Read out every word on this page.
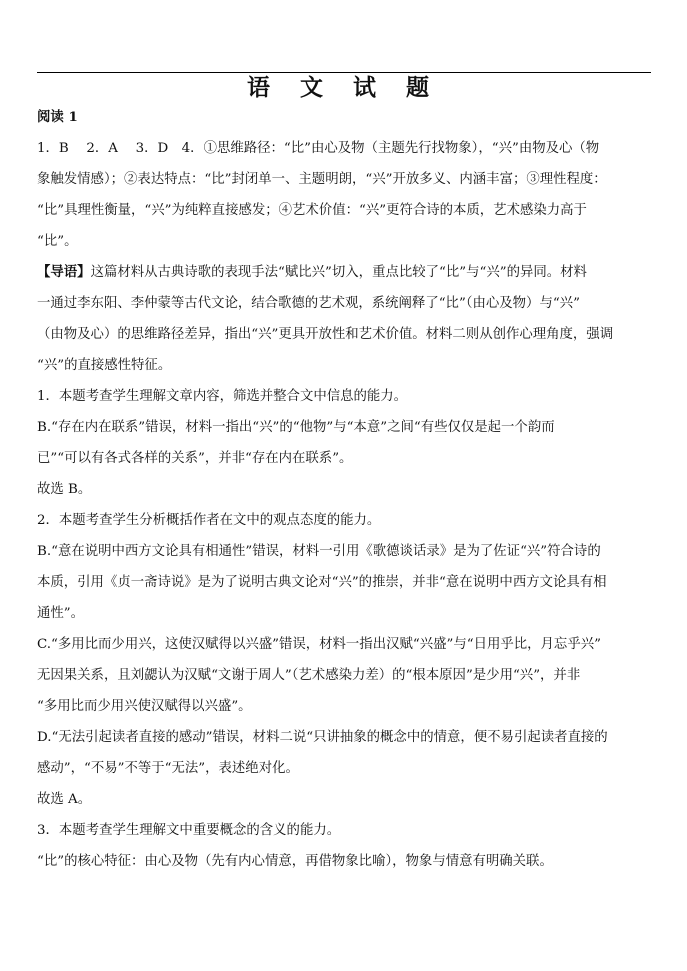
语 文 试 题
阅读 1
1．B　 2．A　 3．D　4．①思维路径：“比”由心及物（主题先行找物象），“兴”由物及心（物
象触发情感）；②表达特点：“比”封闭单一、主题明朗，“兴”开放多义、内涵丰富；③理性程度：
“比”具理性衡量，“兴”为纯粹直接感发；④艺术价值：“兴”更符合诗的本质，艺术感染力高于
“比”。
【导语】这篇材料从古典诗歌的表现手法“赋比兴”切入，重点比较了“比”与“兴”的异同。材料
一通过李东阳、李仲蒙等古代文论，结合歌德的艺术观，系统阐释了“比”（由心及物）与“兴”
（由物及心）的思维路径差异，指出“兴”更具开放性和艺术价值。材料二则从创作心理角度，强调
“兴”的直接感性特征。
1．本题考查学生理解文章内容，筛选并整合文中信息的能力。
B.“存在内在联系”错误，材料一指出“兴”的“他物”与“本意”之间“有些仅仅是起一个韵而
已”“可以有各式各样的关系”，并非“存在内在联系”。
故选 B。
2．本题考查学生分析概括作者在文中的观点态度的能力。
B.“意在说明中西方文论具有相通性”错误，材料一引用《歌德谈话录》是为了佐证“兴”符合诗的
本质，引用《贞一斋诗说》是为了说明古典文论对“兴”的推崇，并非“意在说明中西方文论具有相
通性”。
C.“多用比而少用兴，这使汉赋得以兴盛”错误，材料一指出汉赋“兴盛”与“日用乎比，月忘乎兴”
无因果关系，且刘勰认为汉赋“文谢于周人”（艺术感染力差）的“根本原因”是少用“兴”，并非
“多用比而少用兴使汉赋得以兴盛”。
D.“无法引起读者直接的感动”错误，材料二说“只讲抽象的概念中的情意，便不易引起读者直接的
感动”，“不易”不等于“无法”，表述绝对化。
故选 A。
3．本题考查学生理解文中重要概念的含义的能力。
“比”的核心特征：由心及物（先有内心情意，再借物象比喻），物象与情意有明确关联。
